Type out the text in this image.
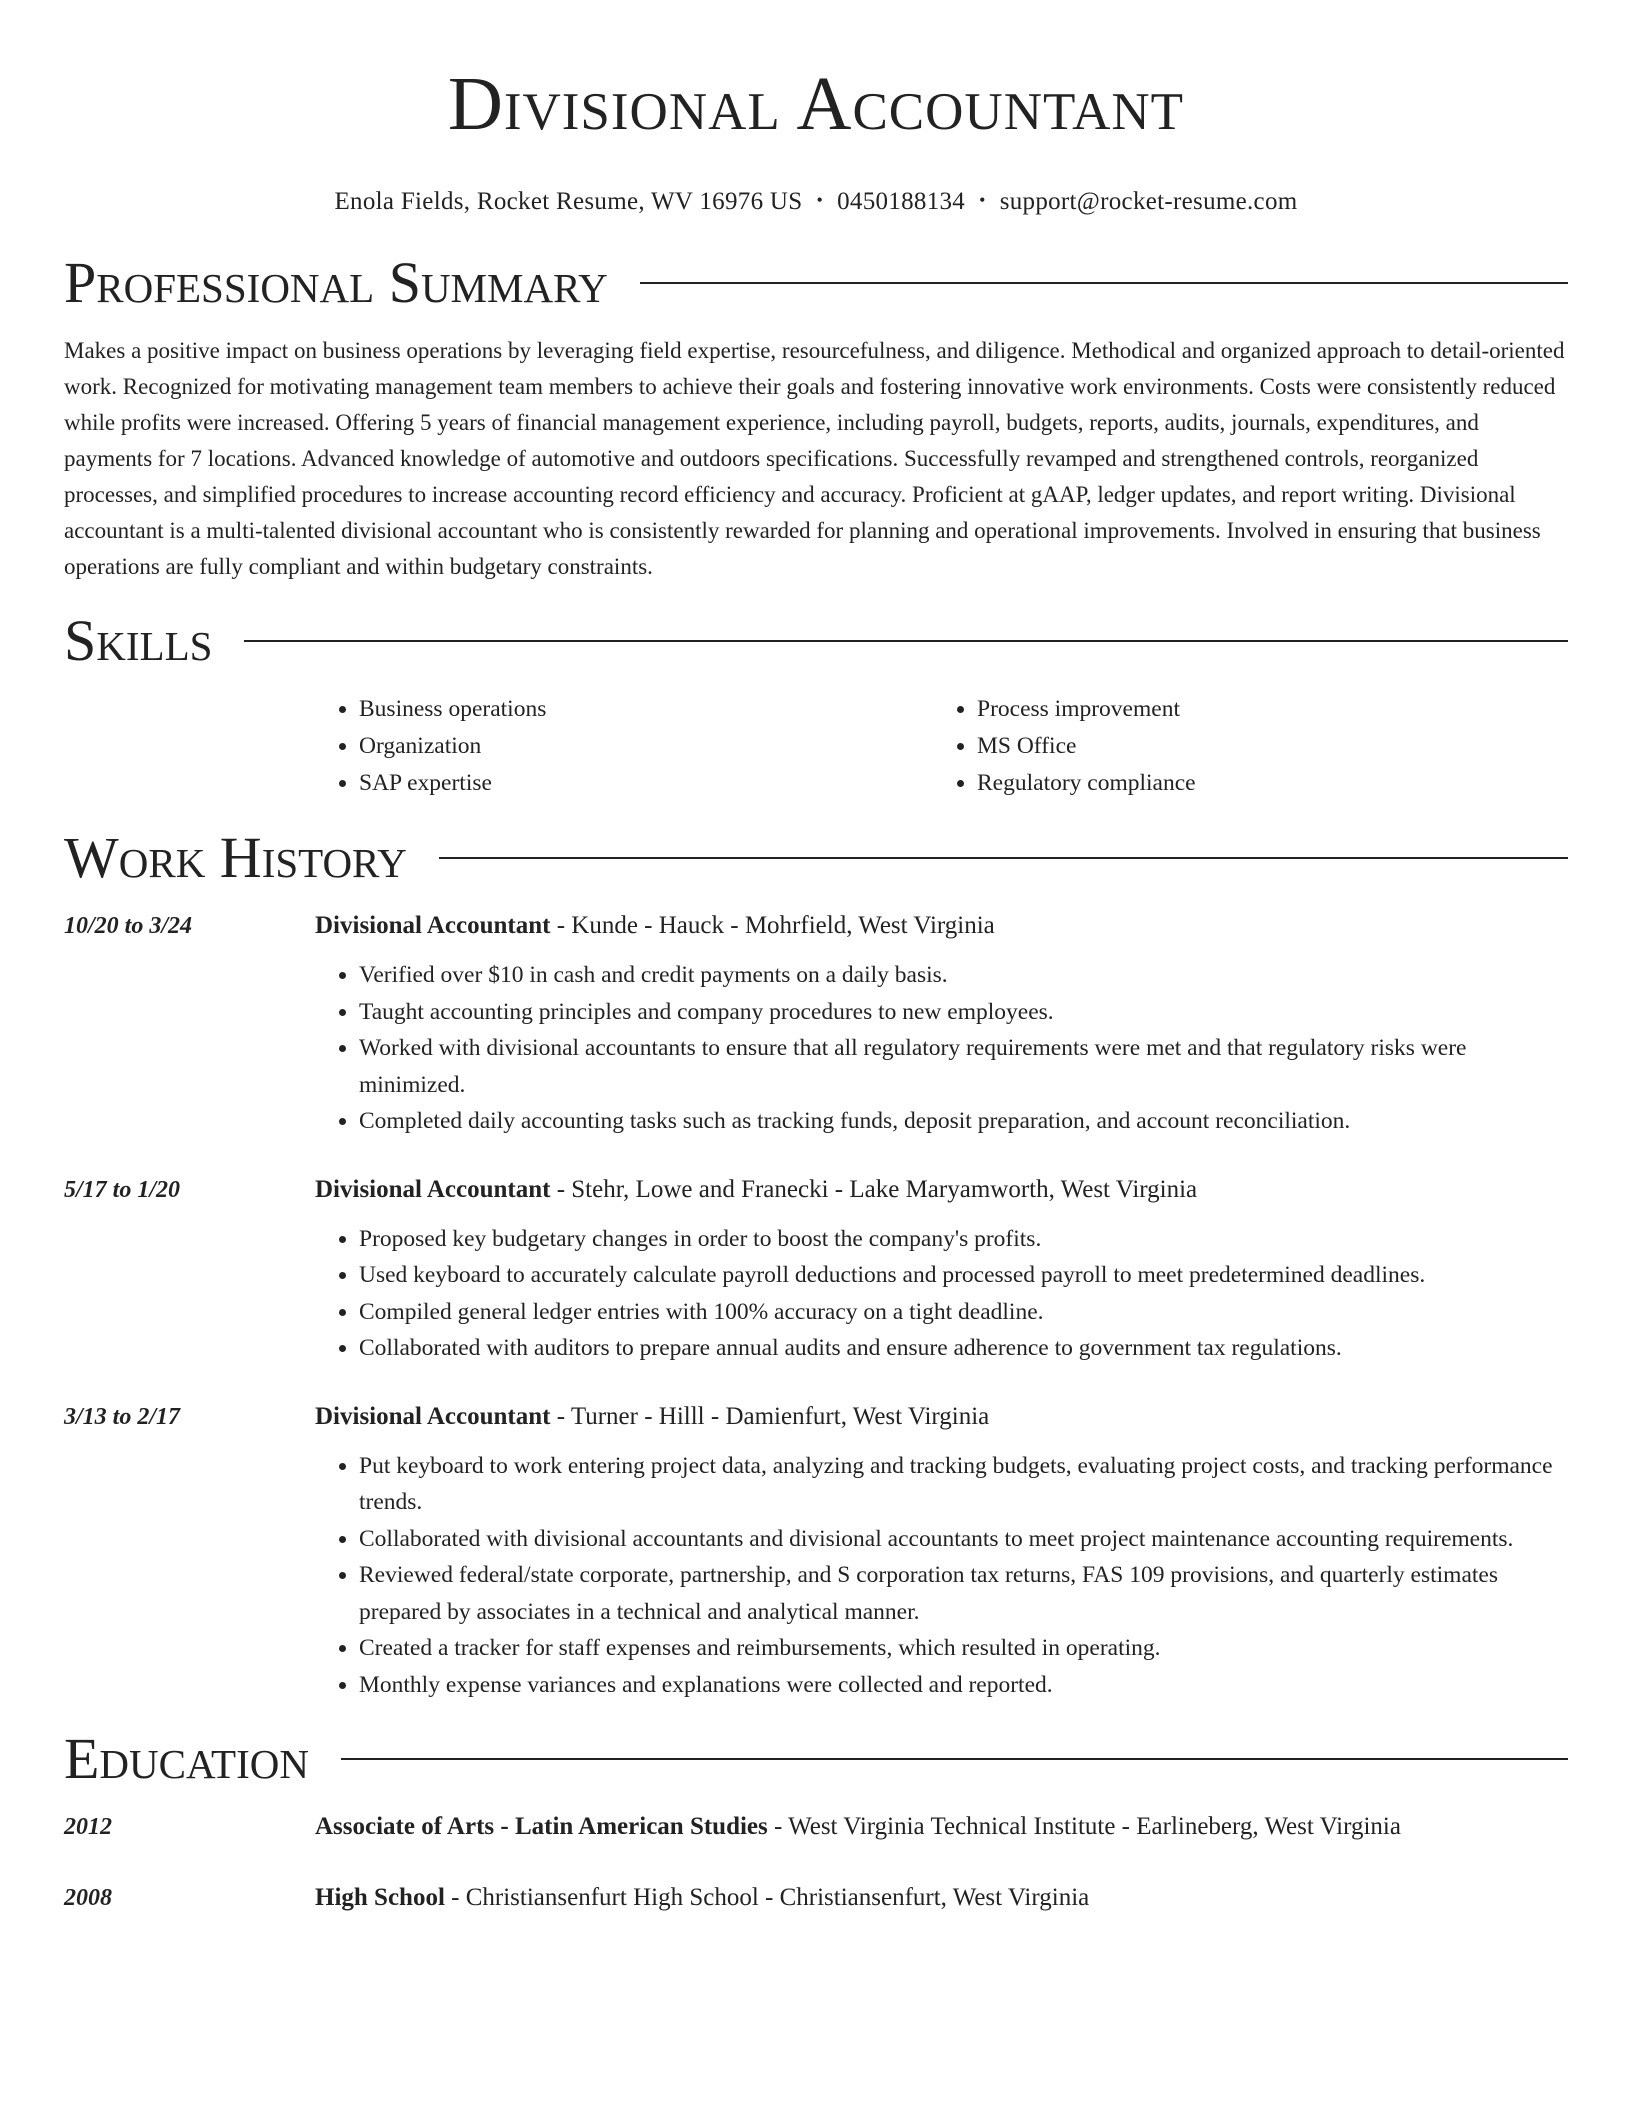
Divisional Accountant
Enola Fields, Rocket Resume, WV 16976 US • 0450188134 • support@rocket-resume.com
Professional Summary

Makes a positive impact on business operations by leveraging field expertise, resourcefulness, and diligence. Methodical and organized approach to detail-oriented work. Recognized for motivating management team members to achieve their goals and fostering innovative work environments. Costs were consistently reduced while profits were increased. Offering 5 years of financial management experience, including payroll, budgets, reports, audits, journals, expenditures, and payments for 7 locations. Advanced knowledge of automotive and outdoors specifications. Successfully revamped and strengthened controls, reorganized processes, and simplified procedures to increase accounting record efficiency and accuracy. Proficient at gAAP, ledger updates, and report writing. Divisional accountant is a multi-talented divisional accountant who is consistently rewarded for planning and operational improvements. Involved in ensuring that business operations are fully compliant and within budgetary constraints.

Skills
• Business operations
• Organization
• SAP expertise
• Process improvement
• MS Office
• Regulatory compliance
Work History
10/20 to 3/24	Divisional Accountant - Kunde - Hauck - Mohrfield, West Virginia
• Verified over $10 in cash and credit payments on a daily basis.
• Taught accounting principles and company procedures to new employees.
• Worked with divisional accountants to ensure that all regulatory requirements were met and that regulatory risks were minimized.
• Completed daily accounting tasks such as tracking funds, deposit preparation, and account reconciliation.
5/17 to 1/20	Divisional Accountant - Stehr, Lowe and Franecki - Lake Maryamworth, West Virginia
• Proposed key budgetary changes in order to boost the company's profits.
• Used keyboard to accurately calculate payroll deductions and processed payroll to meet predetermined deadlines.
• Compiled general ledger entries with 100% accuracy on a tight deadline.
• Collaborated with auditors to prepare annual audits and ensure adherence to government tax regulations.
3/13 to 2/17	Divisional Accountant - Turner - Hilll - Damienfurt, West Virginia
• Put keyboard to work entering project data, analyzing and tracking budgets, evaluating project costs, and tracking performance trends.
• Collaborated with divisional accountants and divisional accountants to meet project maintenance accounting requirements.
• Reviewed federal/state corporate, partnership, and S corporation tax returns, FAS 109 provisions, and quarterly estimates prepared by associates in a technical and analytical manner.
• Created a tracker for staff expenses and reimbursements, which resulted in operating.
• Monthly expense variances and explanations were collected and reported.
Education
2012	Associate of Arts - Latin American Studies - West Virginia Technical Institute - Earlineberg, West Virginia
2008	High School - Christiansenfurt High School - Christiansenfurt, West Virginia
